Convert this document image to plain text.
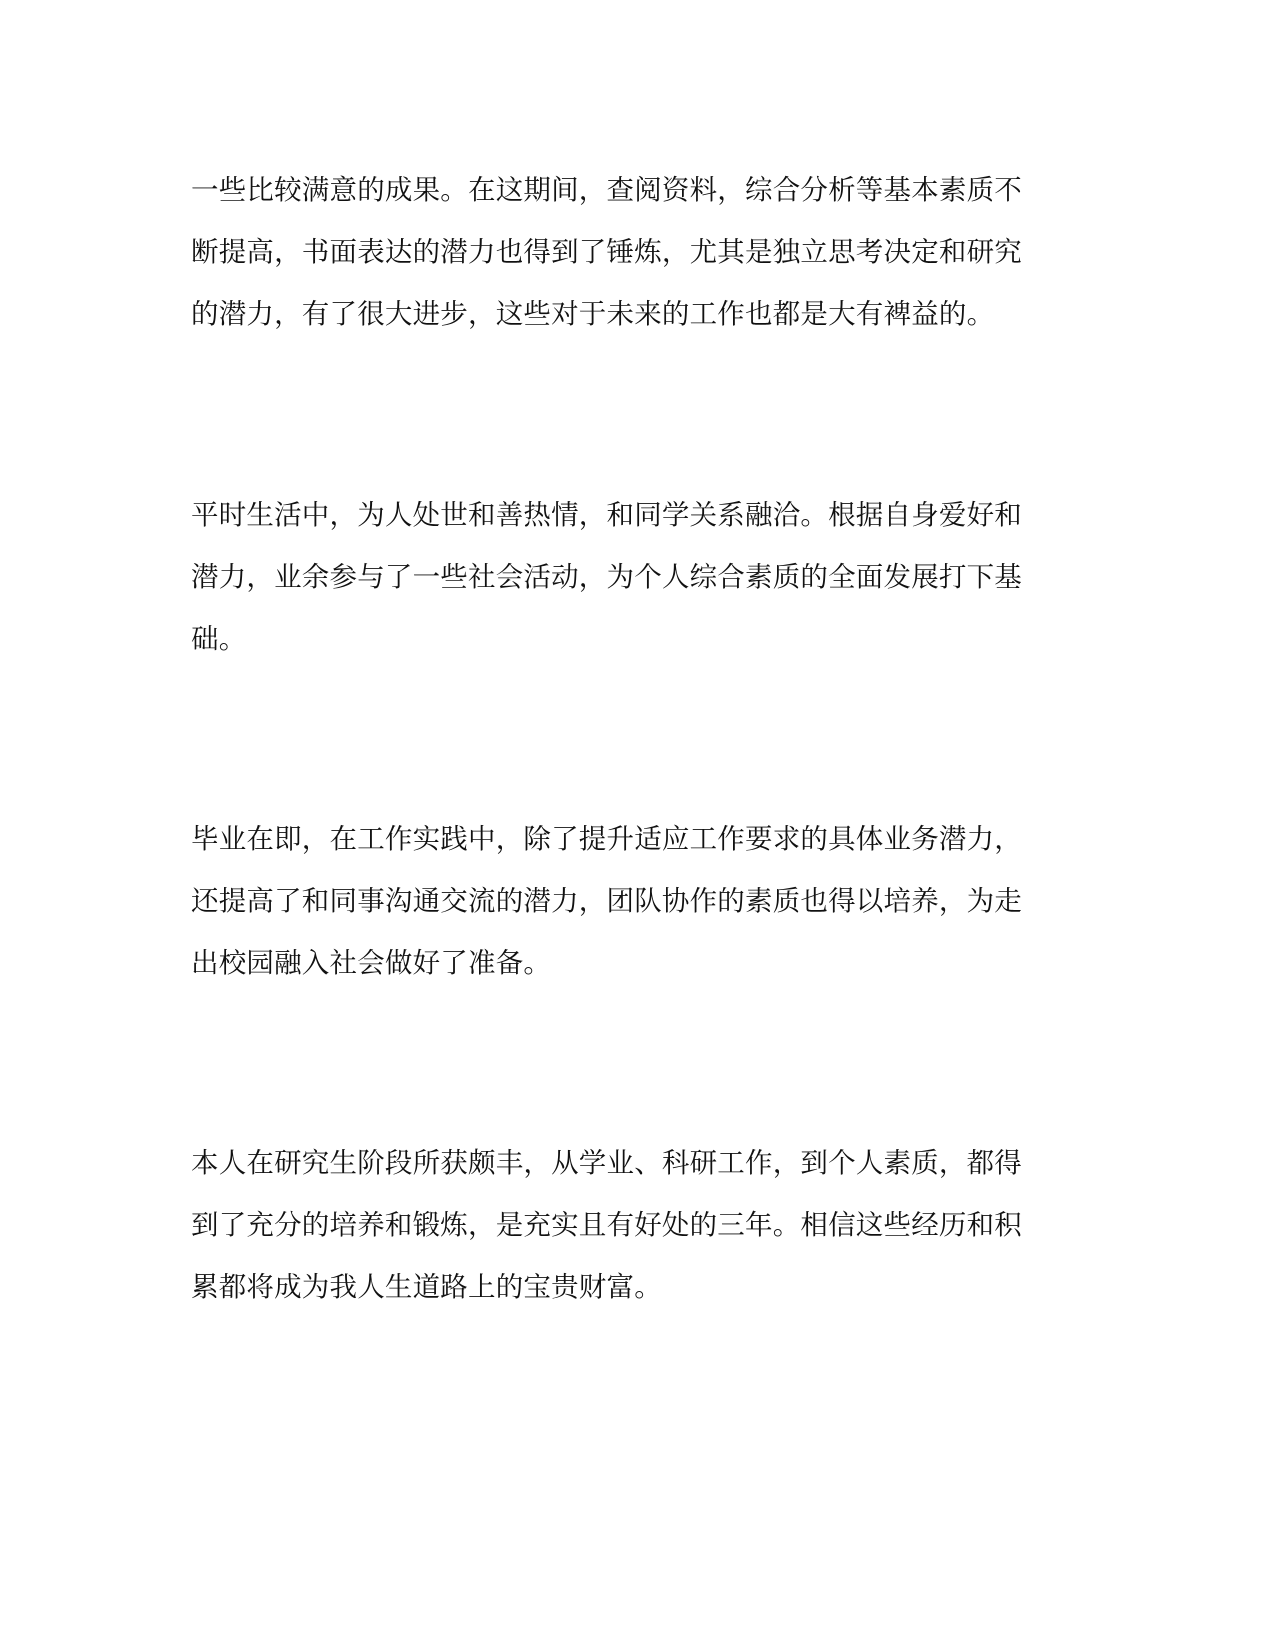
一些比较满意的成果。在这期间，查阅资料，综合分析等基本素质不
断提高，书面表达的潜力也得到了锤炼，尤其是独立思考决定和研究
的潜力，有了很大进步，这些对于未来的工作也都是大有裨益的。

平时生活中，为人处世和善热情，和同学关系融洽。根据自身爱好和
潜力，业余参与了一些社会活动，为个人综合素质的全面发展打下基
础。

毕业在即，在工作实践中，除了提升适应工作要求的具体业务潜力，
还提高了和同事沟通交流的潜力，团队协作的素质也得以培养，为走
出校园融入社会做好了准备。

本人在研究生阶段所获颇丰，从学业、科研工作，到个人素质，都得
到了充分的培养和锻炼，是充实且有好处的三年。相信这些经历和积
累都将成为我人生道路上的宝贵财富。
